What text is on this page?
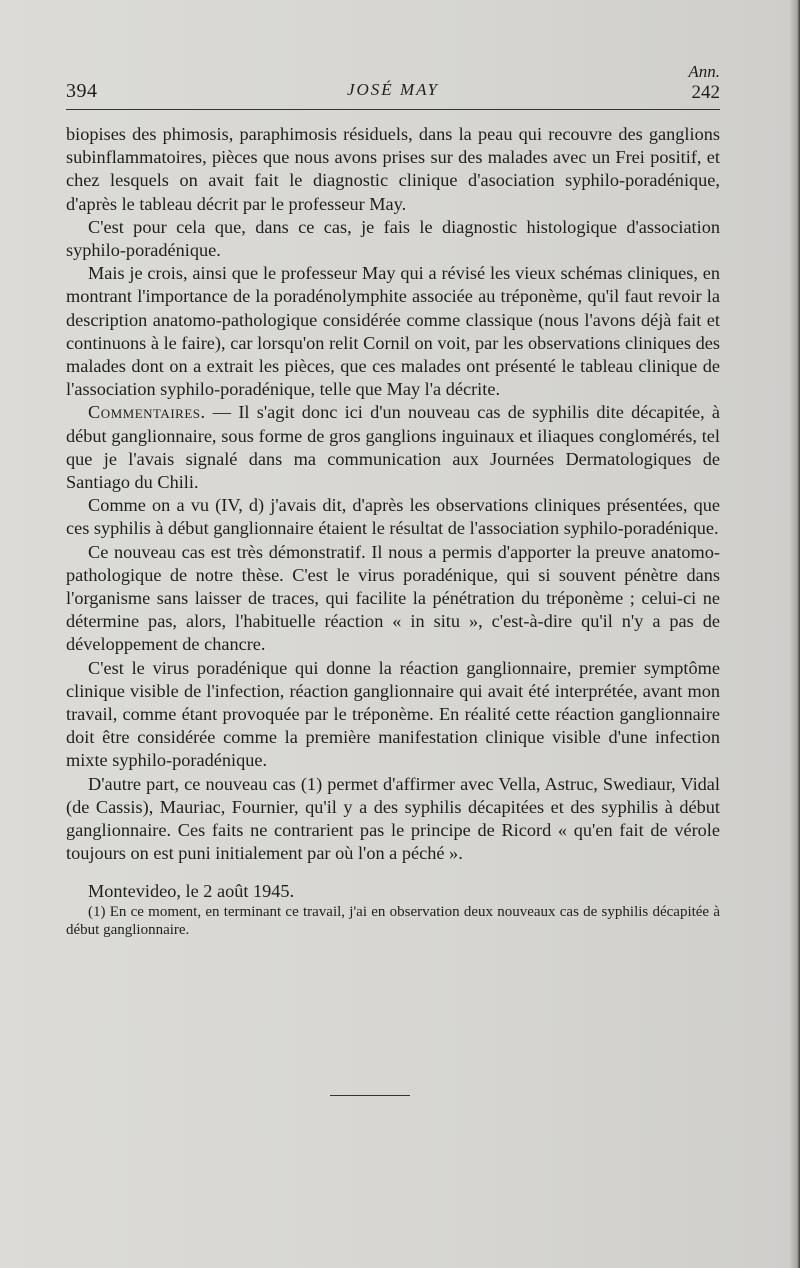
394	JOSÉ MAY
Ann.
242

biopises des phimosis, paraphimosis résiduels, dans la peau qui recouvre des ganglions subinflammatoires, pièces que nous avons prises sur des malades avec un Frei positif, et chez lesquels on avait fait le diagnostic clinique d'asociation syphilo-poradénique, d'après le tableau décrit par le professeur May.

C'est pour cela que, dans ce cas, je fais le diagnostic histologique d'association syphilo-poradénique.

Mais je crois, ainsi que le professeur May qui a révisé les vieux schémas cliniques, en montrant l'importance de la poradénolymphite associée au tréponème, qu'il faut revoir la description anatomo-pathologique considérée comme classique (nous l'avons déjà fait et continuons à le faire), car lorsqu'on relit Cornil on voit, par les observations cliniques des malades dont on a extrait les pièces, que ces malades ont présenté le tableau clinique de l'association syphilo-poradénique, telle que May l'a décrite.

Commentaires. — Il s'agit donc ici d'un nouveau cas de syphilis dite décapitée, à début ganglionnaire, sous forme de gros ganglions inguinaux et iliaques conglomérés, tel que je l'avais signalé dans ma communication aux Journées Dermatologiques de Santiago du Chili.

Comme on a vu (IV, d) j'avais dit, d'après les observations cliniques présentées, que ces syphilis à début ganglionnaire étaient le résultat de l'association syphilo-poradénique.

Ce nouveau cas est très démonstratif. Il nous a permis d'apporter la preuve anatomo-pathologique de notre thèse. C'est le virus poradénique, qui si souvent pénètre dans l'organisme sans laisser de traces, qui facilite la pénétration du tréponème ; celui-ci ne détermine pas, alors, l'habituelle réaction « in situ », c'est-à-dire qu'il n'y a pas de développement de chancre.

C'est le virus poradénique qui donne la réaction ganglionnaire, premier symptôme clinique visible de l'infection, réaction ganglionnaire qui avait été interprétée, avant mon travail, comme étant provoquée par le tréponème. En réalité cette réaction ganglionnaire doit être considérée comme la première manifestation clinique visible d'une infection mixte syphilo-poradénique.

D'autre part, ce nouveau cas (1) permet d'affirmer avec Vella, Astruc, Swediaur, Vidal (de Cassis), Mauriac, Fournier, qu'il y a des syphilis décapitées et des syphilis à début ganglionnaire. Ces faits ne contrarient pas le principe de Ricord « qu'en fait de vérole toujours on est puni initialement par où l'on a péché ».

Montevideo, le 2 août 1945.

(1) En ce moment, en terminant ce travail, j'ai en observation deux nouveaux cas de syphilis décapitée à début ganglionnaire.
